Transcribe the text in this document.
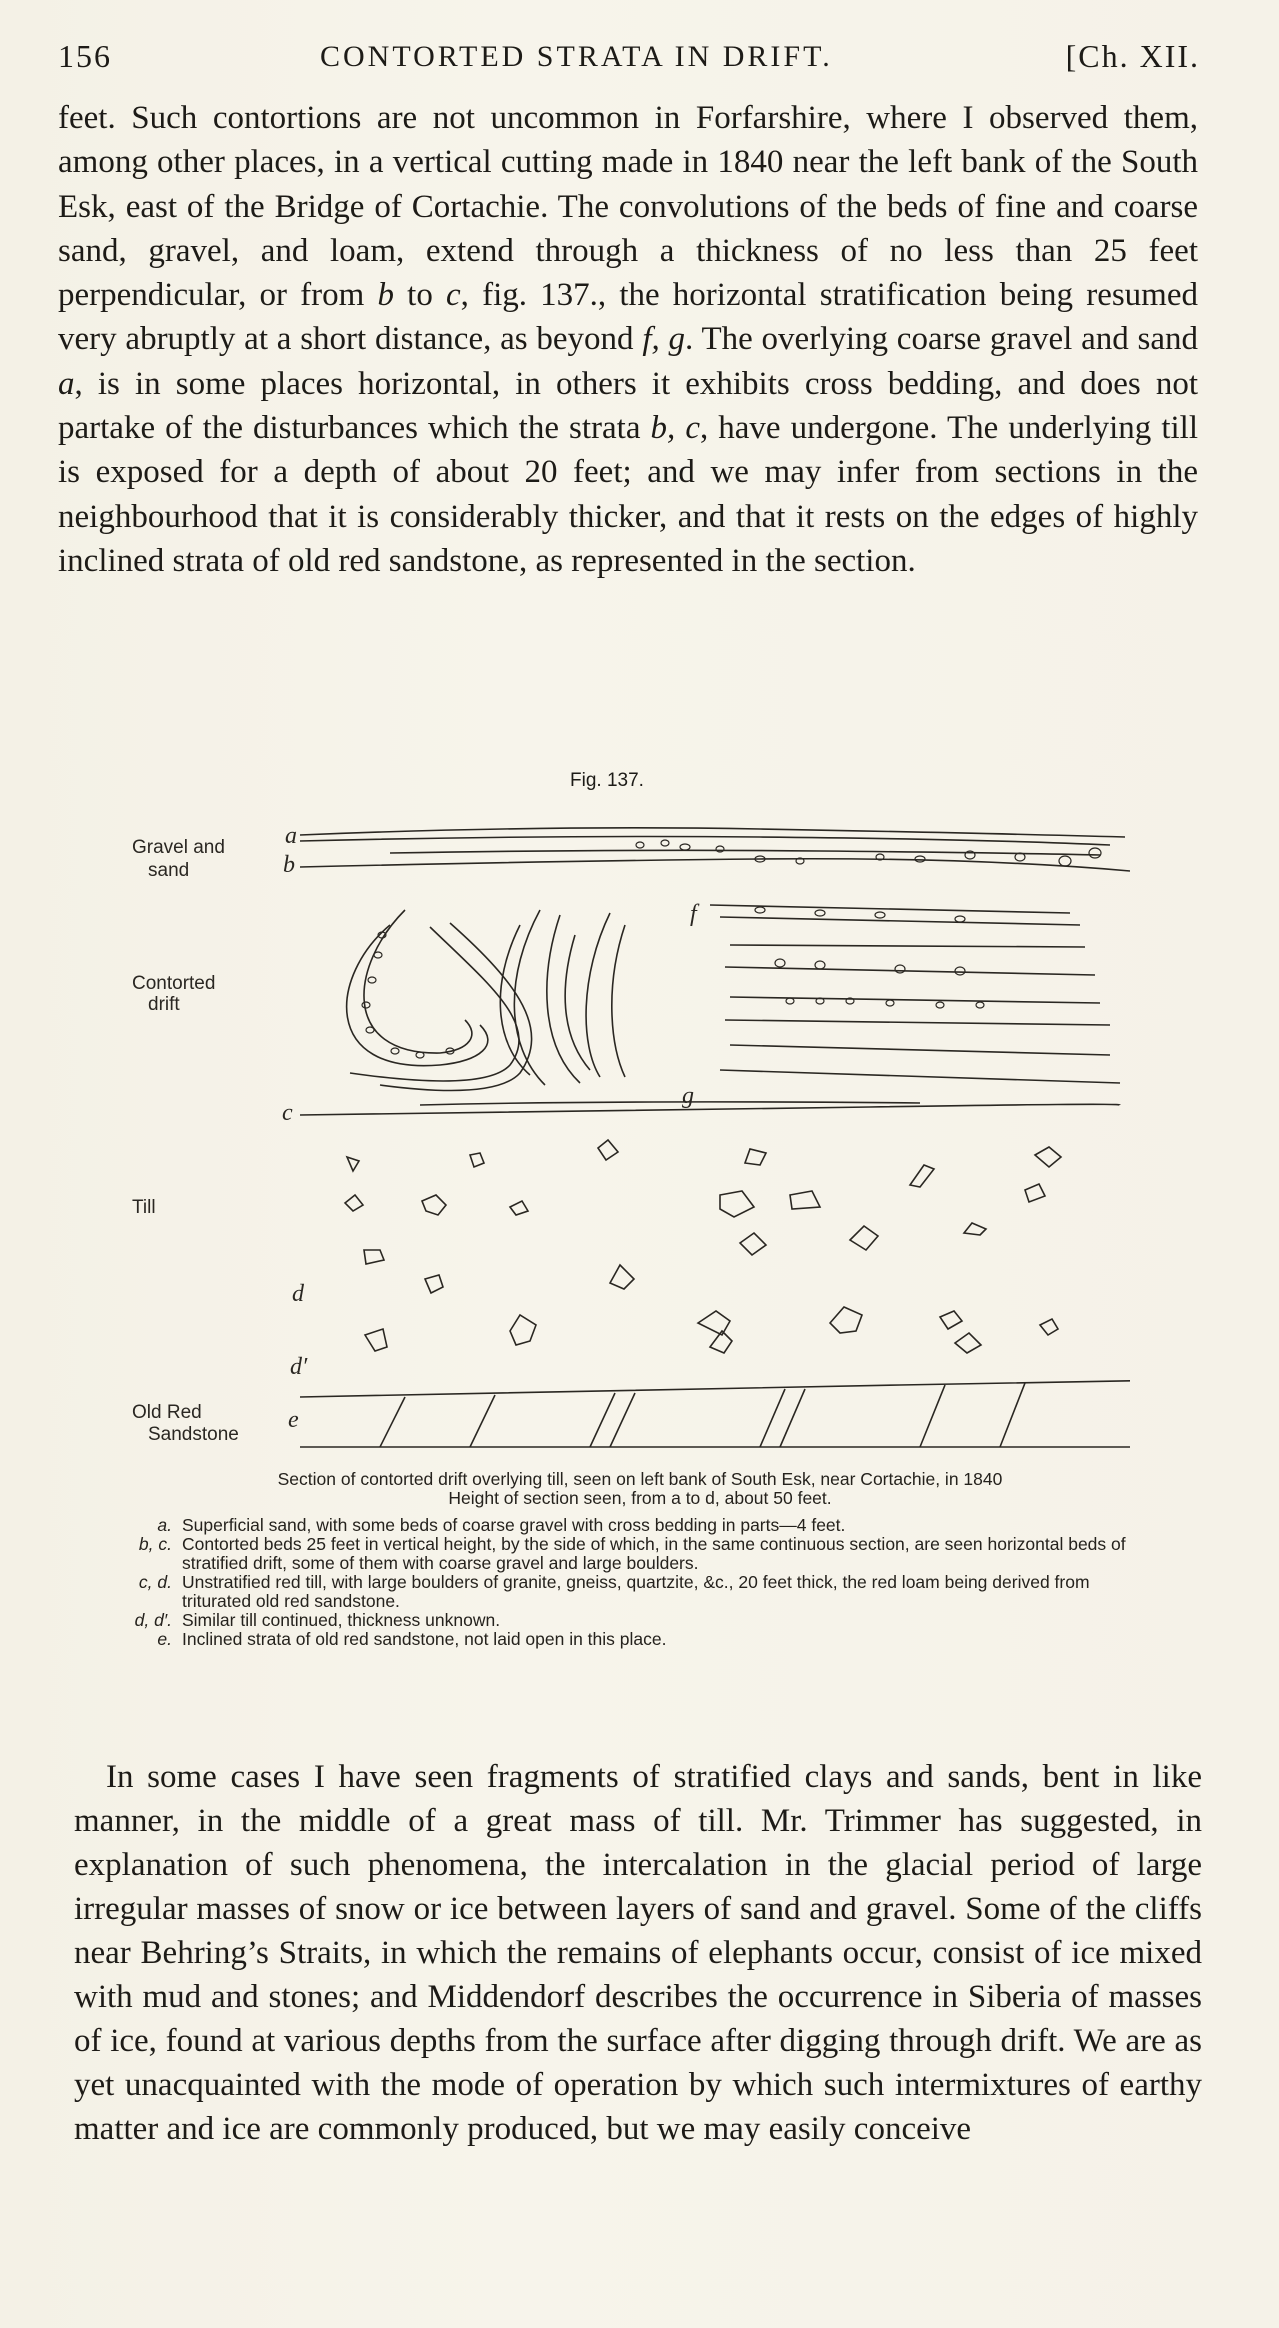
156	CONTORTED STRATA IN DRIFT.	[Ch. XII.

feet. Such contortions are not uncommon in Forfarshire, where I observed them, among other places, in a vertical cutting made in 1840 near the left bank of the South Esk, east of the Bridge of Cortachie. The convolutions of the beds of fine and coarse sand, gravel, and loam, extend through a thickness of no less than 25 feet perpendicular, or from b to c, fig. 137., the horizontal stratification being resumed very abruptly at a short distance, as beyond f, g. The overlying coarse gravel and sand a, is in some places horizontal, in others it exhibits cross bedding, and does not partake of the disturbances which the strata b, c, have undergone. The underlying till is exposed for a depth of about 20 feet; and we may infer from sections in the neighbourhood that it is considerably thicker, and that it rests on the edges of highly inclined strata of old red sandstone, as represented in the section.

Fig. 137.
Gravel and
sand
Contorted
drift
Till
Old Red
Sandstone
a
b
c
d
d′
e
f
g
Section of contorted drift overlying till, seen on left bank of South Esk, near Cortachie, in 1840
Height of section seen, from a to d, about 50 feet.
a. Superficial sand, with some beds of coarse gravel with cross bedding in parts—4 feet.
b, c. Contorted beds 25 feet in vertical height, by the side of which, in the same continuous section, are seen horizontal beds of stratified drift, some of them with coarse gravel and large boulders.
c, d. Unstratified red till, with large boulders of granite, gneiss, quartzite, &c., 20 feet thick, the red loam being derived from triturated old red sandstone.
d, d′. Similar till continued, thickness unknown.
e. Inclined strata of old red sandstone, not laid open in this place.

In some cases I have seen fragments of stratified clays and sands, bent in like manner, in the middle of a great mass of till. Mr. Trimmer has suggested, in explanation of such phenomena, the intercalation in the glacial period of large irregular masses of snow or ice between layers of sand and gravel. Some of the cliffs near Behring’s Straits, in which the remains of elephants occur, consist of ice mixed with mud and stones; and Middendorf describes the occurrence in Siberia of masses of ice, found at various depths from the surface after digging through drift. We are as yet unacquainted with the mode of operation by which such intermixtures of earthy matter and ice are commonly produced, but we may easily conceive
